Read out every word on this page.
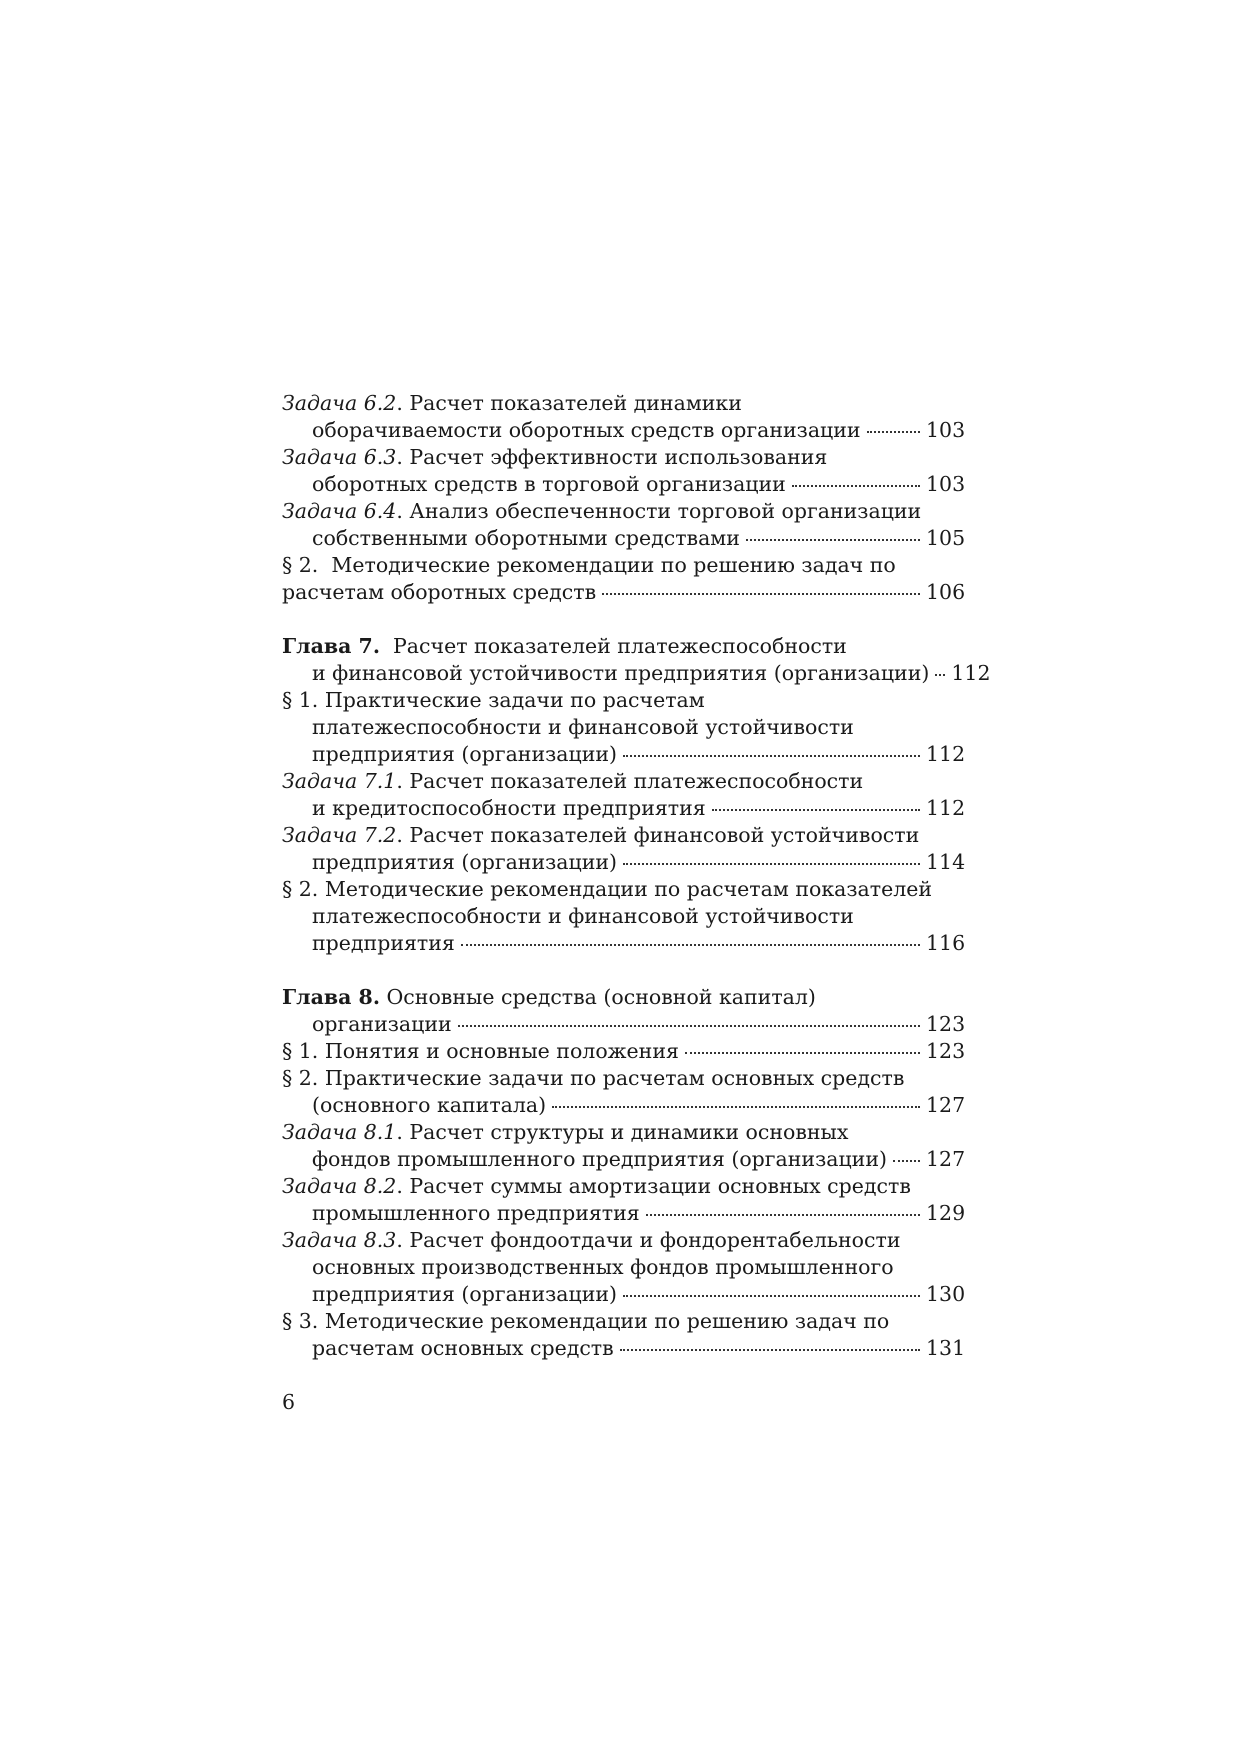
Задача 6.2. Расчет показателей динамики
оборачиваемости оборотных средств организации	103
Задача 6.3. Расчет эффективности использования
оборотных средств в торговой организации	103
Задача 6.4. Анализ обеспеченности торговой организации
собственными оборотными средствами	105
§ 2. Методические рекомендации по решению задач по
расчетам оборотных средств	106
Глава 7. Расчет показателей платежеспособности
и финансовой устойчивости предприятия (организации) 112
§ 1. Практические задачи по расчетам
платежеспособности и финансовой устойчивости
предприятия (организации)	112
Задача 7.1. Расчет показателей платежеспособности
и кредитоспособности предприятия	112
Задача 7.2. Расчет показателей финансовой устойчивости
предприятия (организации)	114
§ 2. Методические рекомендации по расчетам показателей
платежеспособности и финансовой устойчивости
предприятия	116
Глава 8. Основные средства (основной капитал)
организации	123
§ 1. Понятия и основные положения	123
§ 2. Практические задачи по расчетам основных средств
(основного капитала)	127
Задача 8.1. Расчет структуры и динамики основных
фондов промышленного предприятия (организации) 127
Задача 8.2. Расчет суммы амортизации основных средств
промышленного предприятия	129
Задача 8.3. Расчет фондоотдачи и фондорентабельности
основных производственных фондов промышленного
предприятия (организации)	130
§ 3. Методические рекомендации по решению задач по
расчетам основных средств	131
6
